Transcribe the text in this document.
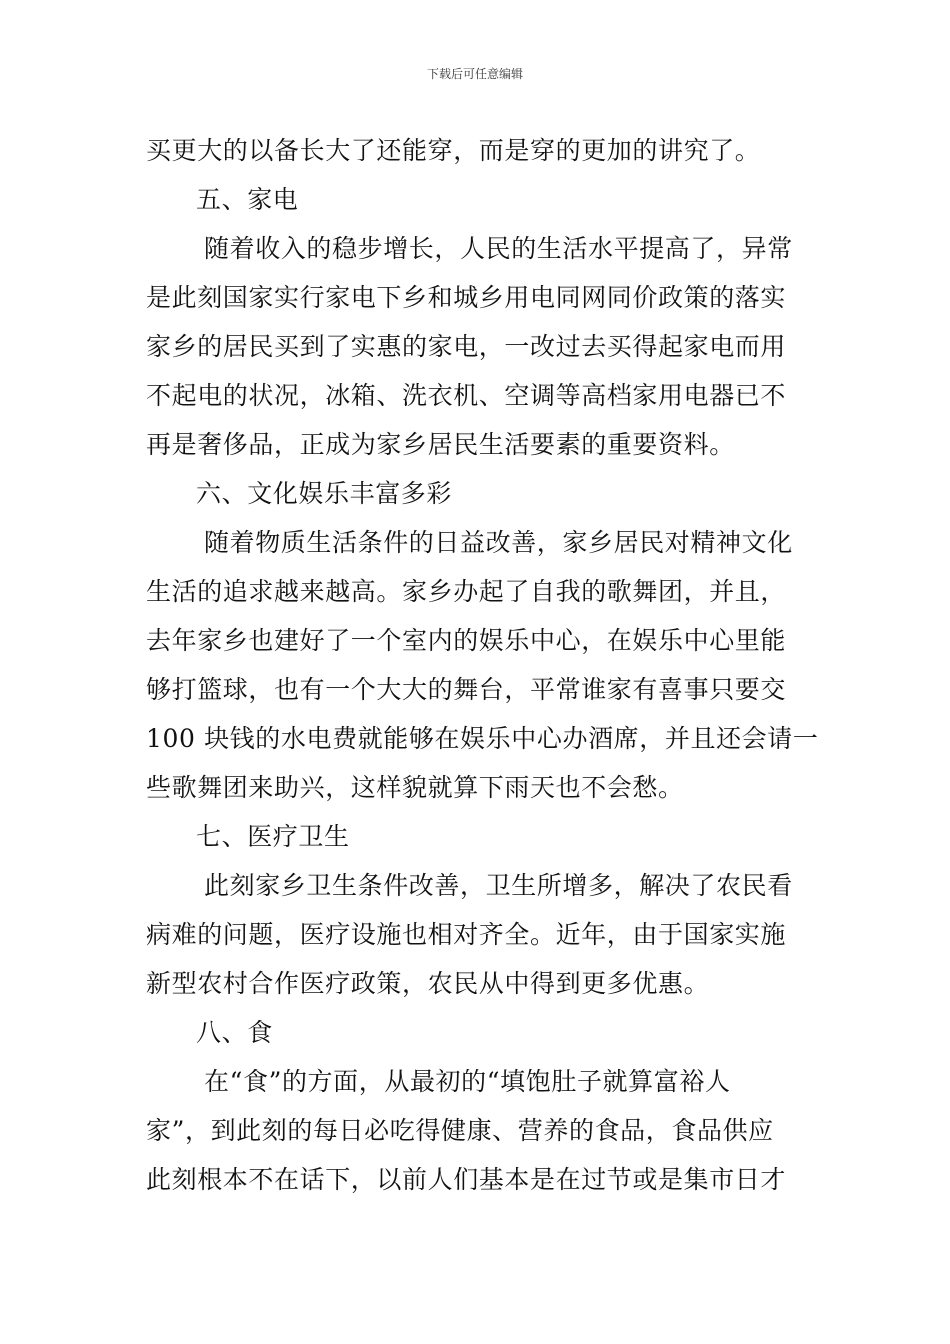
下载后可任意编辑
买更大的以备长大了还能穿，而是穿的更加的讲究了。
五、家电
随着收入的稳步增长，人民的生活水平提高了，异常
是此刻国家实行家电下乡和城乡用电同网同价政策的落实
家乡的居民买到了实惠的家电，一改过去买得起家电而用
不起电的状况，冰箱、洗衣机、空调等高档家用电器已不
再是奢侈品，正成为家乡居民生活要素的重要资料。
六、文化娱乐丰富多彩
随着物质生活条件的日益改善，家乡居民对精神文化
生活的追求越来越高。家乡办起了自我的歌舞团，并且，
去年家乡也建好了一个室内的娱乐中心，在娱乐中心里能
够打篮球，也有一个大大的舞台，平常谁家有喜事只要交
100 块钱的水电费就能够在娱乐中心办酒席，并且还会请一
些歌舞团来助兴，这样貌就算下雨天也不会愁。
七、医疗卫生
此刻家乡卫生条件改善，卫生所增多，解决了农民看
病难的问题，医疗设施也相对齐全。近年，由于国家实施
新型农村合作医疗政策，农民从中得到更多优惠。
八、食
在“食”的方面，从最初的“填饱肚子就算富裕人
家”，到此刻的每日必吃得健康、营养的食品，食品供应
此刻根本不在话下，以前人们基本是在过节或是集市日才
